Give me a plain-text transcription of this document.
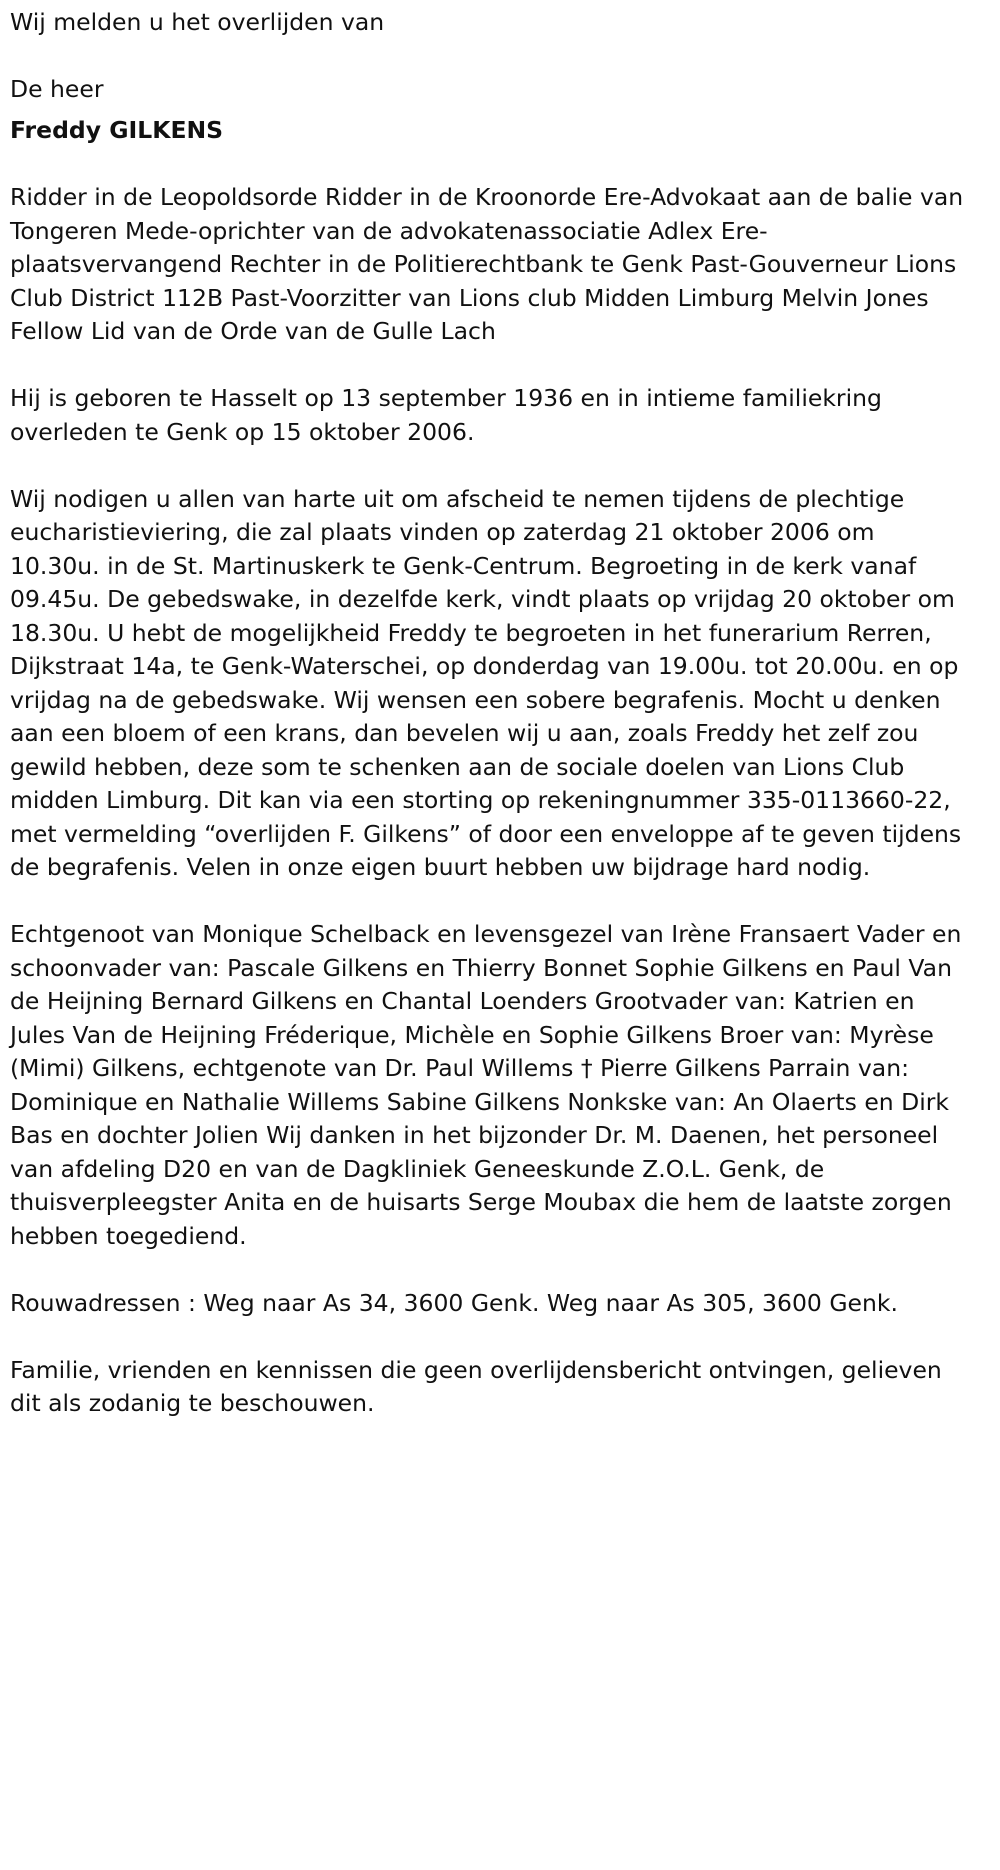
Wij melden u het overlijden van

De heer

Freddy GILKENS

Ridder in de Leopoldsorde Ridder in de Kroonorde Ere-Advokaat aan de balie van Tongeren Mede-oprichter van de advokatenassociatie Adlex Ere-plaatsvervangend Rechter in de Politierechtbank te Genk Past-Gouverneur Lions Club District 112B Past-Voorzitter van Lions club Midden Limburg Melvin Jones Fellow Lid van de Orde van de Gulle Lach

Hij is geboren te Hasselt op 13 september 1936 en in intieme familiekring overleden te Genk op 15 oktober 2006.

Wij nodigen u allen van harte uit om afscheid te nemen tijdens de plechtige eucharistieviering, die zal plaats vinden op zaterdag 21 oktober 2006 om 10.30u. in de St. Martinuskerk te Genk-Centrum. Begroeting in de kerk vanaf 09.45u. De gebedswake, in dezelfde kerk, vindt plaats op vrijdag 20 oktober om 18.30u. U hebt de mogelijkheid Freddy te begroeten in het funerarium Rerren, Dijkstraat 14a, te Genk-Waterschei, op donderdag van 19.00u. tot 20.00u. en op vrijdag na de gebedswake. Wij wensen een sobere begrafenis. Mocht u denken aan een bloem of een krans, dan bevelen wij u aan, zoals Freddy het zelf zou gewild hebben, deze som te schenken aan de sociale doelen van Lions Club midden Limburg. Dit kan via een storting op rekeningnummer 335-0113660-22, met vermelding “overlijden F. Gilkens” of door een enveloppe af te geven tijdens de begrafenis. Velen in onze eigen buurt hebben uw bijdrage hard nodig.

Echtgenoot van Monique Schelback en levensgezel van Irène Fransaert Vader en schoonvader van: Pascale Gilkens en Thierry Bonnet Sophie Gilkens en Paul Van de Heijning Bernard Gilkens en Chantal Loenders Grootvader van: Katrien en Jules Van de Heijning Fréderique, Michèle en Sophie Gilkens Broer van: Myrèse (Mimi) Gilkens, echtgenote van Dr. Paul Willems † Pierre Gilkens Parrain van: Dominique en Nathalie Willems Sabine Gilkens Nonkske van: An Olaerts en Dirk Bas en dochter Jolien Wij danken in het bijzonder Dr. M. Daenen, het personeel van afdeling D20 en van de Dagkliniek Geneeskunde Z.O.L. Genk, de thuisverpleegster Anita en de huisarts Serge Moubax die hem de laatste zorgen hebben toegediend.

Rouwadressen : Weg naar As 34, 3600 Genk. Weg naar As 305, 3600 Genk.

Familie, vrienden en kennissen die geen overlijdensbericht ontvingen, gelieven dit als zodanig te beschouwen.
